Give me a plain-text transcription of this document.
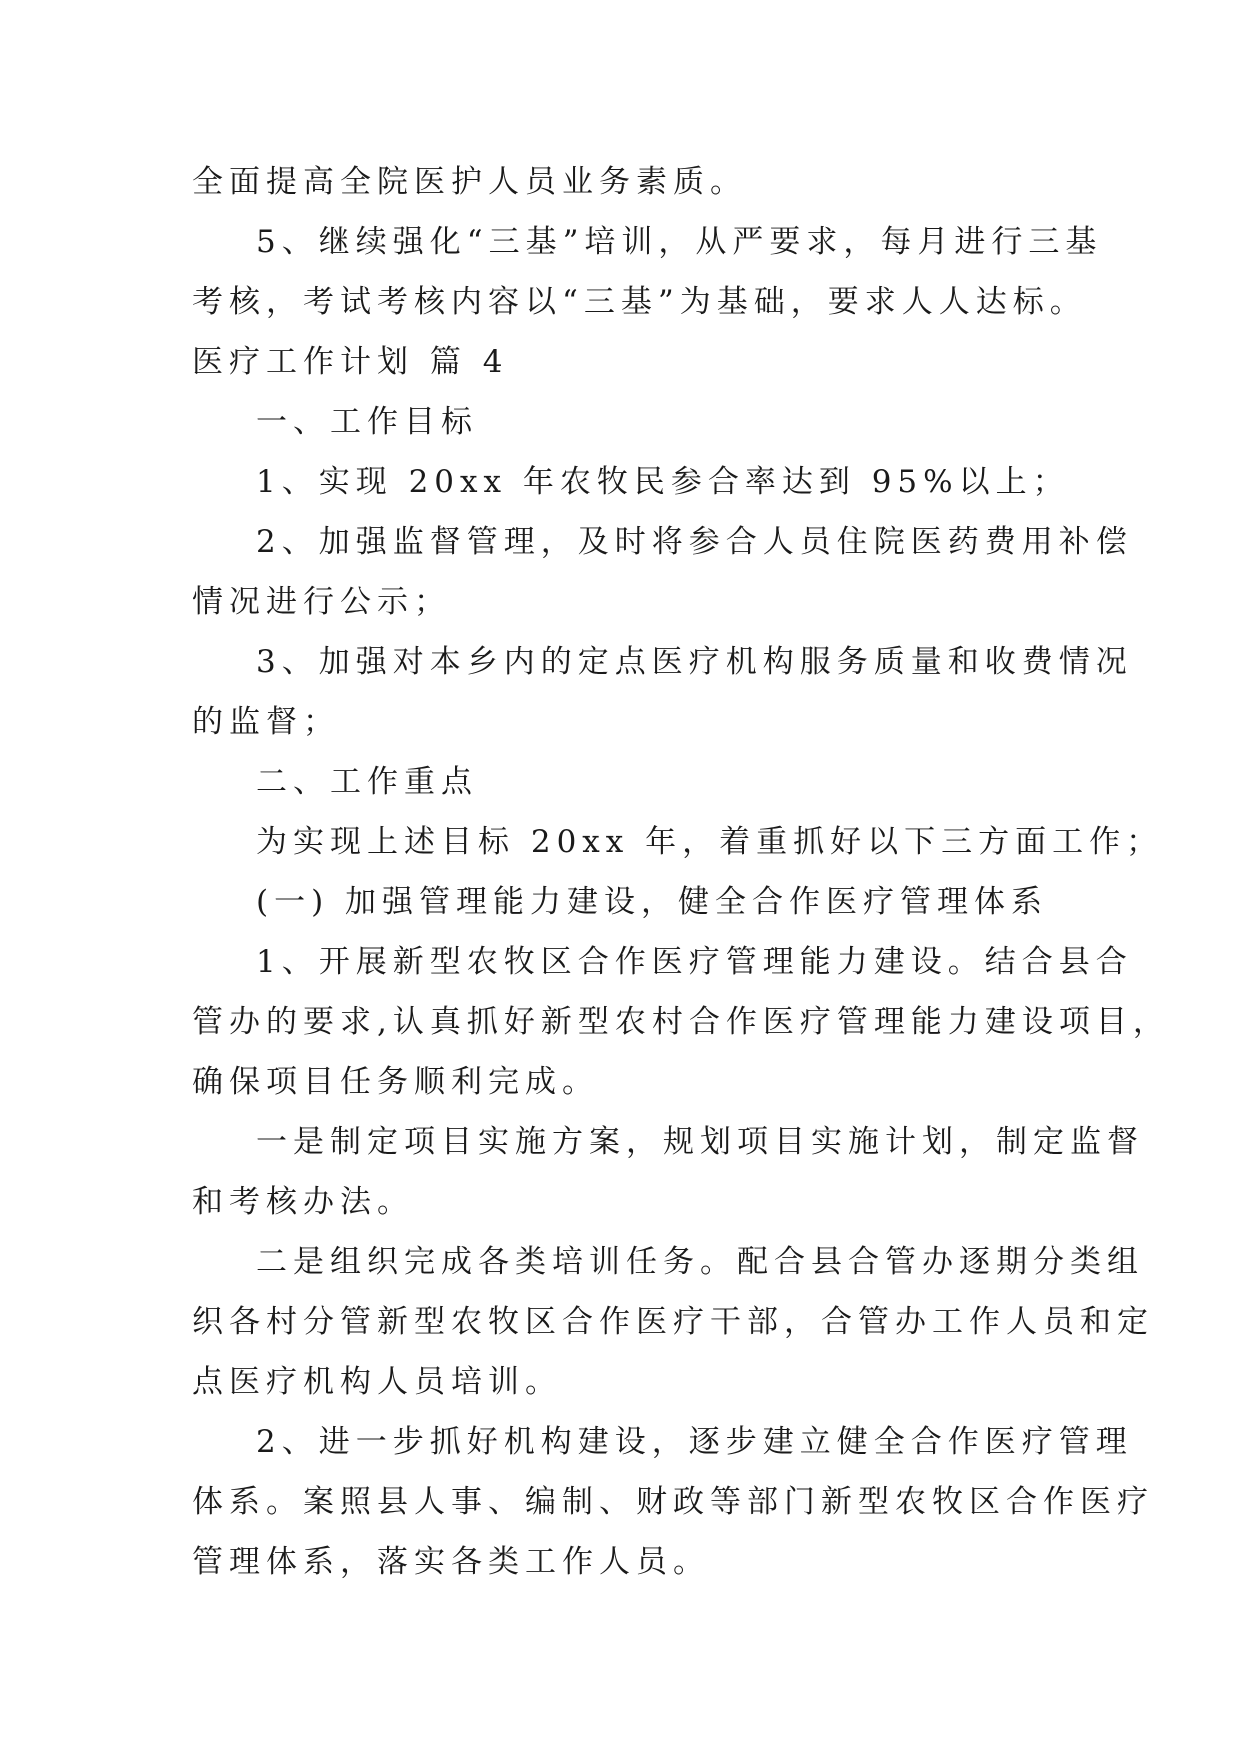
全面提高全院医护人员业务素质。
5、继续强化“三基”培训，从严要求，每月进行三基
考核，考试考核内容以“三基”为基础，要求人人达标。
医疗工作计划 篇 4
一、工作目标
1、实现 20xx 年农牧民参合率达到 95%以上；
2、加强监督管理，及时将参合人员住院医药费用补偿
情况进行公示；
3、加强对本乡内的定点医疗机构服务质量和收费情况
的监督；
二、工作重点
为实现上述目标 20xx 年，着重抓好以下三方面工作；
(一) 加强管理能力建设，健全合作医疗管理体系
1、开展新型农牧区合作医疗管理能力建设。结合县合
管办的要求,认真抓好新型农村合作医疗管理能力建设项目，
确保项目任务顺利完成。
一是制定项目实施方案，规划项目实施计划，制定监督
和考核办法。
二是组织完成各类培训任务。配合县合管办逐期分类组
织各村分管新型农牧区合作医疗干部，合管办工作人员和定
点医疗机构人员培训。
2、进一步抓好机构建设，逐步建立健全合作医疗管理
体系。案照县人事、编制、财政等部门新型农牧区合作医疗
管理体系，落实各类工作人员。
